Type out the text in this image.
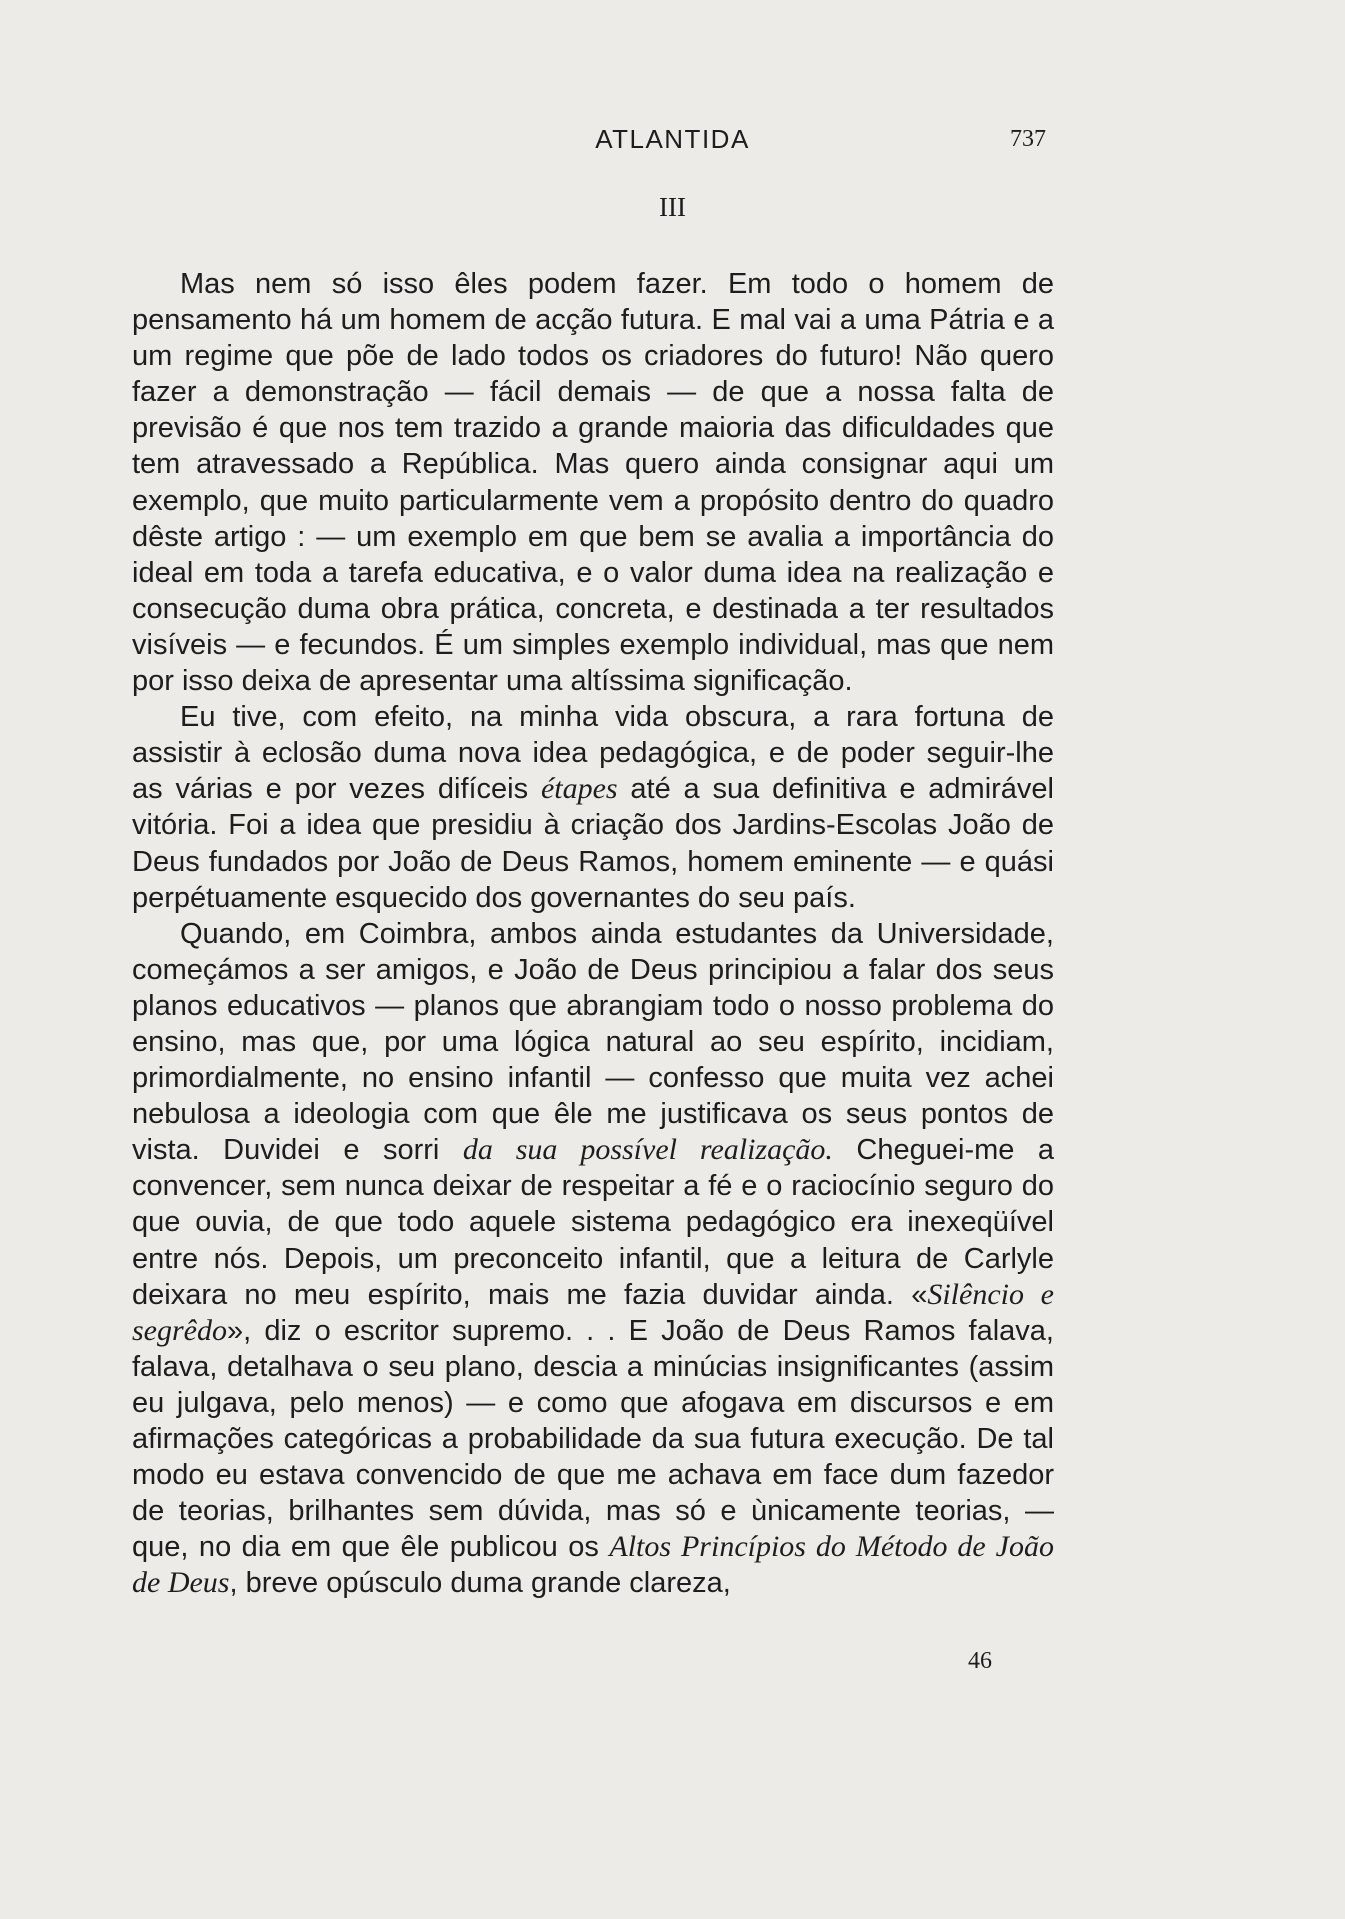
ATLANTIDA	737
III

Mas nem só isso êles podem fazer. Em todo o homem de pensamento há um homem de acção futura. E mal vai a uma Pátria e a um regime que põe de lado todos os criadores do futuro! Não quero fazer a demonstração — fácil demais — de que a nossa falta de previsão é que nos tem trazido a grande maioria das dificuldades que tem atravessado a República. Mas quero ainda consignar aqui um exemplo, que muito particularmente vem a propósito dentro do quadro dêste artigo : — um exemplo em que bem se avalia a importância do ideal em toda a tarefa educativa, e o valor duma idea na realização e consecução duma obra prática, concreta, e destinada a ter resultados visíveis — e fecundos. É um simples exemplo individual, mas que nem por isso deixa de apresentar uma altíssima significação.

Eu tive, com efeito, na minha vida obscura, a rara fortuna de assistir à eclosão duma nova idea pedagógica, e de poder seguir-lhe as várias e por vezes difíceis étapes até a sua definitiva e admirável vitória. Foi a idea que presidiu à criação dos Jardins-Escolas João de Deus fundados por João de Deus Ramos, homem eminente — e quási perpétuamente esquecido dos governantes do seu país.

Quando, em Coimbra, ambos ainda estudantes da Universidade, começámos a ser amigos, e João de Deus principiou a falar dos seus planos educativos — planos que abrangiam todo o nosso problema do ensino, mas que, por uma lógica natural ao seu espírito, incidiam, primordialmente, no ensino infantil — confesso que muita vez achei nebulosa a ideologia com que êle me justificava os seus pontos de vista. Duvidei e sorri da sua possível realização. Cheguei-me a convencer, sem nunca deixar de respeitar a fé e o raciocínio seguro do que ouvia, de que todo aquele sistema pedagógico era inexeqüível entre nós. Depois, um preconceito infantil, que a leitura de Carlyle deixara no meu espírito, mais me fazia duvidar ainda. «Silêncio e segrêdo», diz o escritor supremo. . . E João de Deus Ramos falava, falava, detalhava o seu plano, descia a minúcias insignificantes (assim eu julgava, pelo menos) — e como que afogava em discursos e em afirmações categóricas a probabilidade da sua futura execução. De tal modo eu estava convencido de que me achava em face dum fazedor de teorias, brilhantes sem dúvida, mas só e ùnicamente teorias, — que, no dia em que êle publicou os Altos Princípios do Método de João de Deus, breve opúsculo duma grande clareza,

46
